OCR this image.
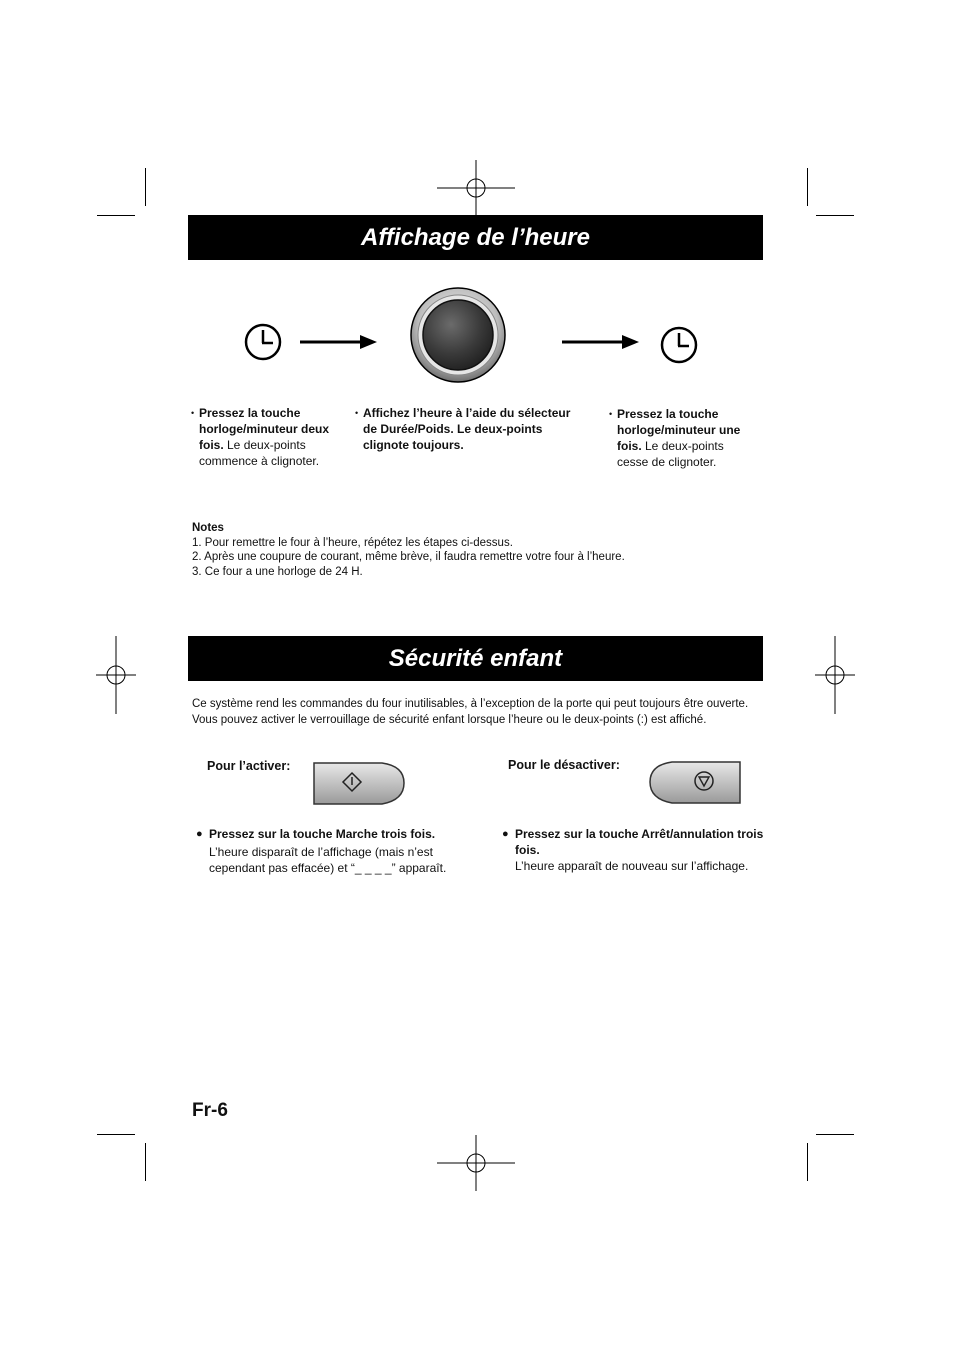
Affichage de l’heure
• Pressez la touche horloge/minuteur deux fois. Le deux-points commence à clignoter.
• Affichez l’heure à l’aide du sélecteur de Durée/Poids. Le deux-points clignote toujours.
• Pressez la touche horloge/minuteur une fois. Le deux-points cesse de clignoter.
Notes
1. Pour remettre le four à l’heure, répétez les étapes ci-dessus.
2. Après une coupure de courant, même brève, il faudra remettre votre four à l’heure.
3. Ce four a une horloge de 24 H.
Sécurité enfant
Ce système rend les commandes du four inutilisables, à l’exception de la porte qui peut toujours être ouverte. Vous pouvez activer le verrouillage de sécurité enfant lorsque l’heure ou le deux-points (:) est affiché.
Pour l’activer:
● Pressez sur la touche Marche trois fois.
L’heure disparaît de l’affichage (mais n’est cependant pas effacée) et “_ _ _ _” apparaît.
Pour le désactiver:
● Pressez sur la touche Arrêt/annulation trois fois.
L’heure apparaît de nouveau sur l’affichage.
Fr-6
